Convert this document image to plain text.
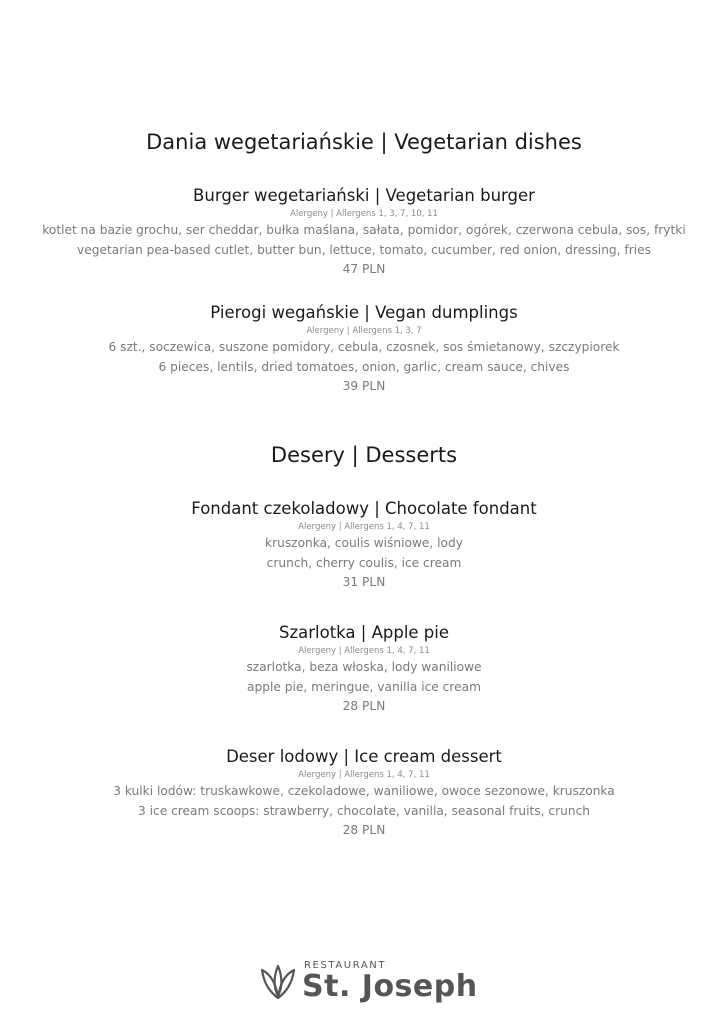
Dania wegetariańskie | Vegetarian dishes
Burger wegetariański | Vegetarian burger
Alergeny | Allergens 1, 3, 7, 10, 11
kotlet na bazie grochu, ser cheddar, bułka maślana, sałata, pomidor, ogórek, czerwona cebula, sos, frytki
vegetarian pea-based cutlet, butter bun, lettuce, tomato, cucumber, red onion, dressing, fries
47 PLN
Pierogi wegańskie | Vegan dumplings
Alergeny | Allergens 1, 3, 7
6 szt., soczewica, suszone pomidory, cebula, czosnek, sos śmietanowy, szczypiorek
6 pieces, lentils, dried tomatoes, onion, garlic, cream sauce, chives
39 PLN
Desery | Desserts
Fondant czekoladowy | Chocolate fondant
Alergeny | Allergens 1, 4, 7, 11
kruszonka, coulis wiśniowe, lody
crunch, cherry coulis, ice cream
31 PLN
Szarlotka | Apple pie
Alergeny | Allergens 1, 4, 7, 11
szarlotka, beza włoska, lody waniliowe
apple pie, meringue, vanilla ice cream
28 PLN
Deser lodowy | Ice cream dessert
Alergeny | Allergens 1, 4, 7, 11
3 kulki lodów: truskawkowe, czekoladowe, waniliowe, owoce sezonowe, kruszonka
3 ice cream scoops: strawberry, chocolate, vanilla, seasonal fruits, crunch
28 PLN
RESTAURANT
St. Joseph
